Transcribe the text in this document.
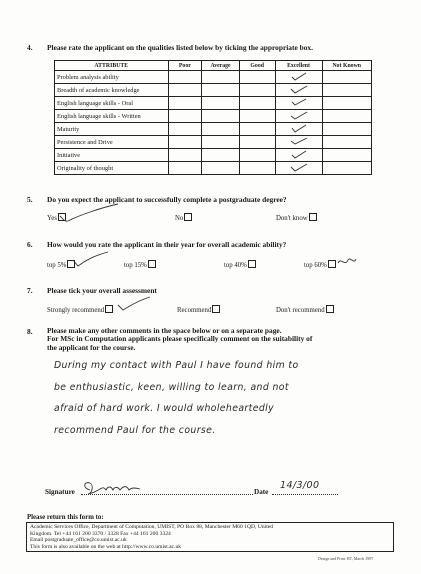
4. Please rate the applicant on the qualities listed below by ticking the appropriate box.
ATTRIBUTE	Poor	Average	Good	Excellent	Not Known
Problem analysis ability					
Breadth of academic knowledge					
English language skills - Oral					
English language skills - Written					
Maturity					
Persistence and Drive					
Initiative					
Originality of thought					
5. Do you expect the applicant to successfully complete a postgraduate degree?
Yes	No	Don't know
6. How would you rate the applicant in their year for overall academic ability?
top 5%	top 15%	top 40%	top 60%
7. Please tick your overall assessment
Strongly recommend	Recommend	Don't recommend
8. Please make any other comments in the space below or on a separate page.
For MSc in Computation applicants please specifically comment on the suitability of
the applicant for the course.
During my contact with Paul I have found him to
be enthusiastic, keen, willing to learn, and not
afraid of hard work. I would wholeheartedly
recommend Paul for the course.
Signature	Date
14/3/00
Please return this form to:
Academic Services Office, Department of Computation, UMIST, PO Box 88, Manchester M60 1QD, United
Kingdom. Tel +44 161 200 3370 / 3328 Fax +44 161 200 3324
Email postgraduate_office@co.umist.ac.uk
This form is also available on the web at http://www.co.umist.ac.uk
Design and Print: BT, March 1997
